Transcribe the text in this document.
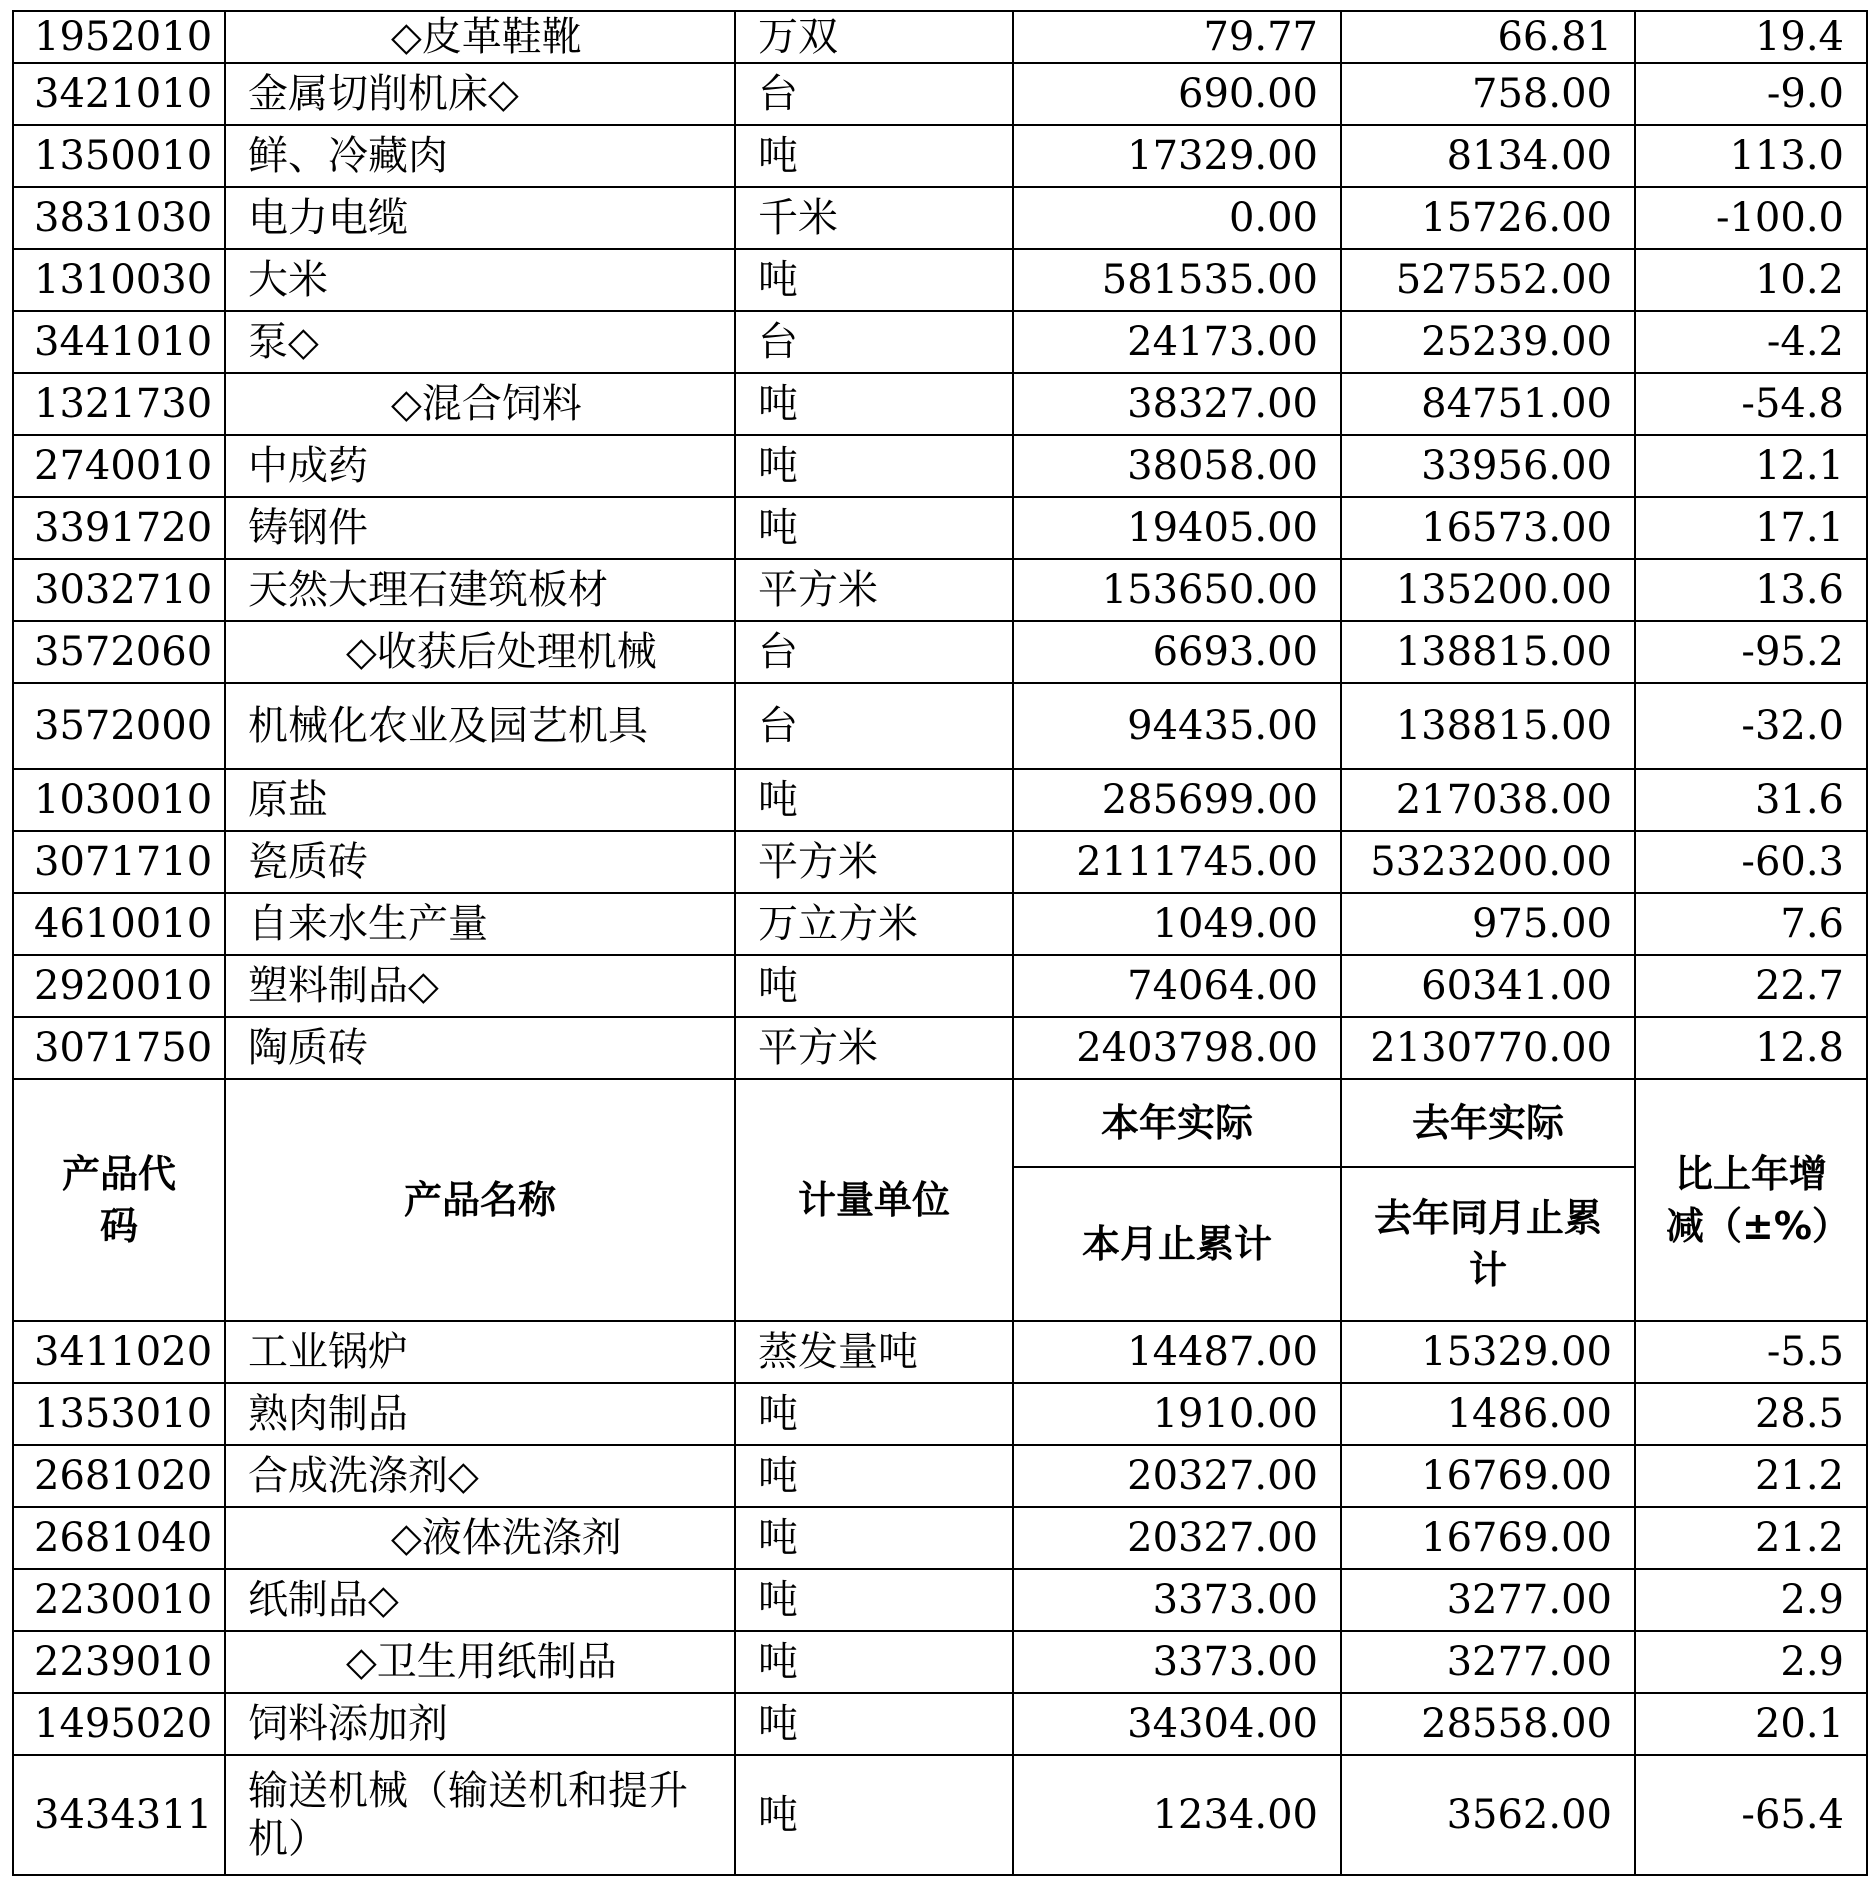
1952010	◇皮革鞋靴	万双	79.77	66.81	19.4
3421010	金属切削机床◇	台	690.00	758.00	-9.0
1350010	鲜、冷藏肉	吨	17329.00	8134.00	113.0
3831030	电力电缆	千米	0.00	15726.00	-100.0
1310030	大米	吨	581535.00	527552.00	10.2
3441010	泵◇	台	24173.00	25239.00	-4.2
1321730	◇混合饲料	吨	38327.00	84751.00	-54.8
2740010	中成药	吨	38058.00	33956.00	12.1
3391720	铸钢件	吨	19405.00	16573.00	17.1
3032710	天然大理石建筑板材	平方米	153650.00	135200.00	13.6
3572060	◇收获后处理机械	台	6693.00	138815.00	-95.2
3572000	机械化农业及园艺机具	台	94435.00	138815.00	-32.0
1030010	原盐	吨	285699.00	217038.00	31.6
3071710	瓷质砖	平方米	2111745.00	5323200.00	-60.3
4610010	自来水生产量	万立方米	1049.00	975.00	7.6
2920010	塑料制品◇	吨	74064.00	60341.00	22.7
3071750	陶质砖	平方米	2403798.00	2130770.00	12.8
产品代码	产品名称	计量单位	本年实际	去年实际	比上年增减（±%）
			本月止累计	去年同月止累计	
3411020	工业锅炉	蒸发量吨	14487.00	15329.00	-5.5
1353010	熟肉制品	吨	1910.00	1486.00	28.5
2681020	合成洗涤剂◇	吨	20327.00	16769.00	21.2
2681040	◇液体洗涤剂	吨	20327.00	16769.00	21.2
2230010	纸制品◇	吨	3373.00	3277.00	2.9
2239010	◇卫生用纸制品	吨	3373.00	3277.00	2.9
1495020	饲料添加剂	吨	34304.00	28558.00	20.1
3434311	输送机械（输送机和提升机）	吨	1234.00	3562.00	-65.4
